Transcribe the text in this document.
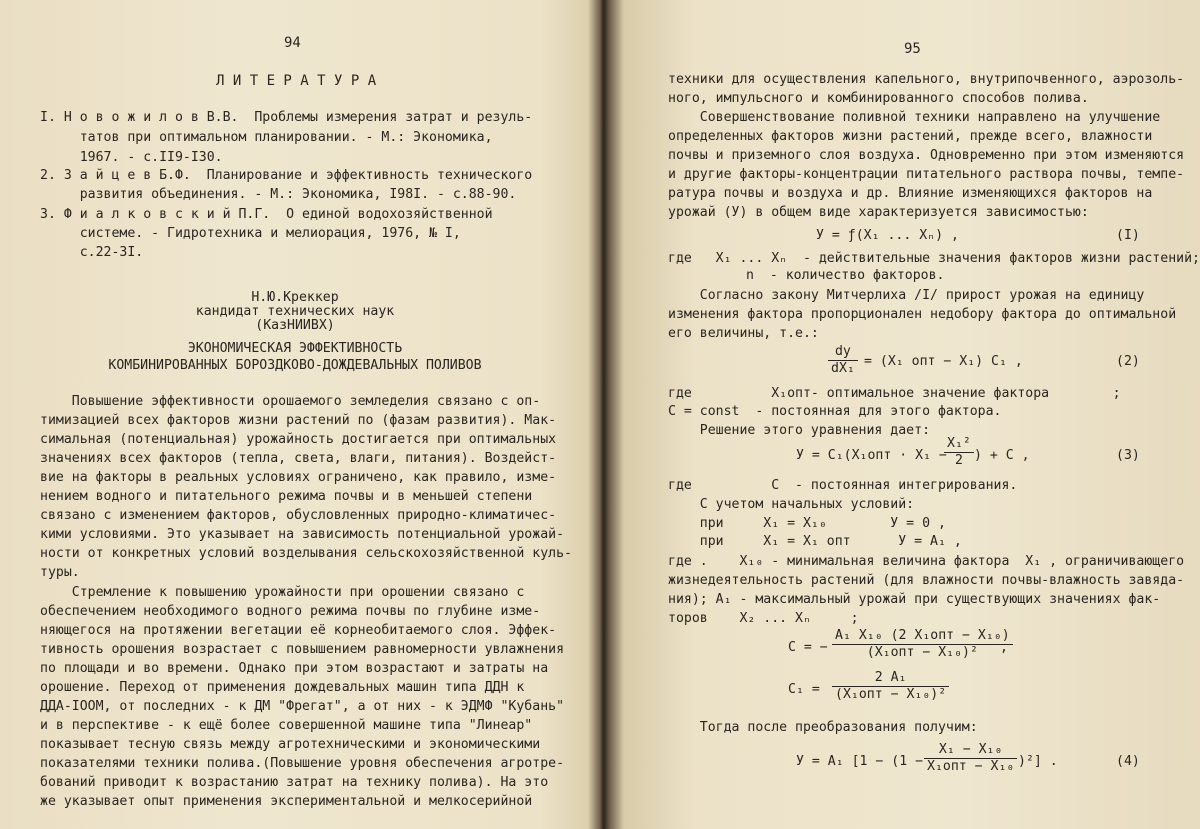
94
Л И Т Е Р А Т У Р А
I. Н о в о ж и л о в В.В.  Проблемы измерения затрат и резуль-
татов при оптимальном планировании. - М.: Экономика,
1967. - с.II9-I30.
2. З а й ц е в Б.Ф.  Планирование и эффективность технического
развития объединения. - М.: Экономика, I98I. - с.88-90.
3. Ф и а л к о в с к и й П.Г.  О единой водохозяйственной
системе. - Гидротехника и мелиорация, 1976, № I,
с.22-3I.
Н.Ю.Креккер
кандидат технических наук
(КазНИИВХ)
ЭКОНОМИЧЕСКАЯ ЭФФЕКТИВНОСТЬ
КОМБИНИРОВАННЫХ БОРОЗДКОВО-ДОЖДЕВАЛЬНЫХ ПОЛИВОВ
Повышение эффективности орошаемого земледелия связано с оп-
тимизацией всех факторов жизни растений по (фазам развития). Мак-
симальная (потенциальная) урожайность достигается при оптимальных
значениях всех факторов (тепла, света, влаги, питания). Воздейст-
вие на факторы в реальных условиях ограничено, как правило, изме-
нением водного и питательного режима почвы и в меньшей степени
связано с изменением факторов, обусловленных природно-климатичес-
кими условиями. Это указывает на зависимость потенциальной урожай-
ности от конкретных условий возделывания сельскохозяйственной куль-
туры.
Стремление к повышению урожайности при орошении связано с
обеспечением необходимого водного режима почвы по глубине изме-
няющегося на протяжении вегетации её корнеобитаемого слоя. Эффек-
тивность орошения возрастает с повышением равномерности увлажнения
по площади и во времени. Однако при этом возрастают и затраты на
орошение. Переход от применения дождевальных машин типа ДДН к
ДДА-IООМ, от последних - к ДМ "Фрегат", а от них - к ЭДМФ "Кубань"
и в перспективе - к ещё более совершенной машине типа "Линеар"
показывает тесную связь между агротехническими и экономическими
показателями техники полива.(Повышение уровня обеспечения агротре-
бований приводит к возрастанию затрат на технику полива). На это
же указывает опыт применения экспериментальной и мелкосерийной
95
техники для осуществления капельного, внутрипочвенного, аэрозоль-
ного, импульсного и комбинированного способов полива.
Совершенствование поливной техники направлено на улучшение
определенных факторов жизни растений, прежде всего, влажности
почвы и приземного слоя воздуха. Одновременно при этом изменяются
и другие факторы-концентрации питательного раствора почвы, темпе-
ратура почвы и воздуха и др. Влияние изменяющихся факторов на
урожай (У) в общем виде характеризуется зависимостью:
У = ƒ(X₁ ... Xₙ) ,	(I)
где   X₁ ... Xₙ  - действительные значения факторов жизни растений;
n  - количество факторов.
Согласно закону Митчерлиха /I/ прирост урожая на единицу
изменения фактора пропорционален недобору фактора до оптимальной
его величины, т.е.:
$\frac{dy}{\text{dX₁}} = (X_1$ опт − X₁) C₁ ,	(2)
где          X₁опт- оптимальное значение фактора        ;
C = const  - постоянная для этого фактора.
Решение этого уравнения дает:
У = C₁(X₁опт · X₁ −
$\frac{\text{X₁²}}{2}$ ) + C ,	(3)
где          C  - постоянная интегрирования.
С учетом начальных условий:
при     X₁ = X₁₀        У = 0 ,
при     X₁ = X₁ опт      У = A₁ ,
где .    X₁₀ - минимальная величина фактора  X₁ , ограничивающего
жизнедеятельность растений (для влажности почвы-влажность завяда-
ния); A₁ - максимальный урожай при существующих значениях фак-
торов    X₂ ... Xₙ     ;
C = −
A₁ X₁₀ (2 X₁опт − X₁₀)
(X₁опт − X₁₀)²	,
C₁ =
2 A₁
(X₁опт − X₁₀)²
Тогда после преобразования получим:
У = A₁ [1 − (1 −
X₁ − X₁₀
X₁опт − X₁₀ )²] .	(4)
